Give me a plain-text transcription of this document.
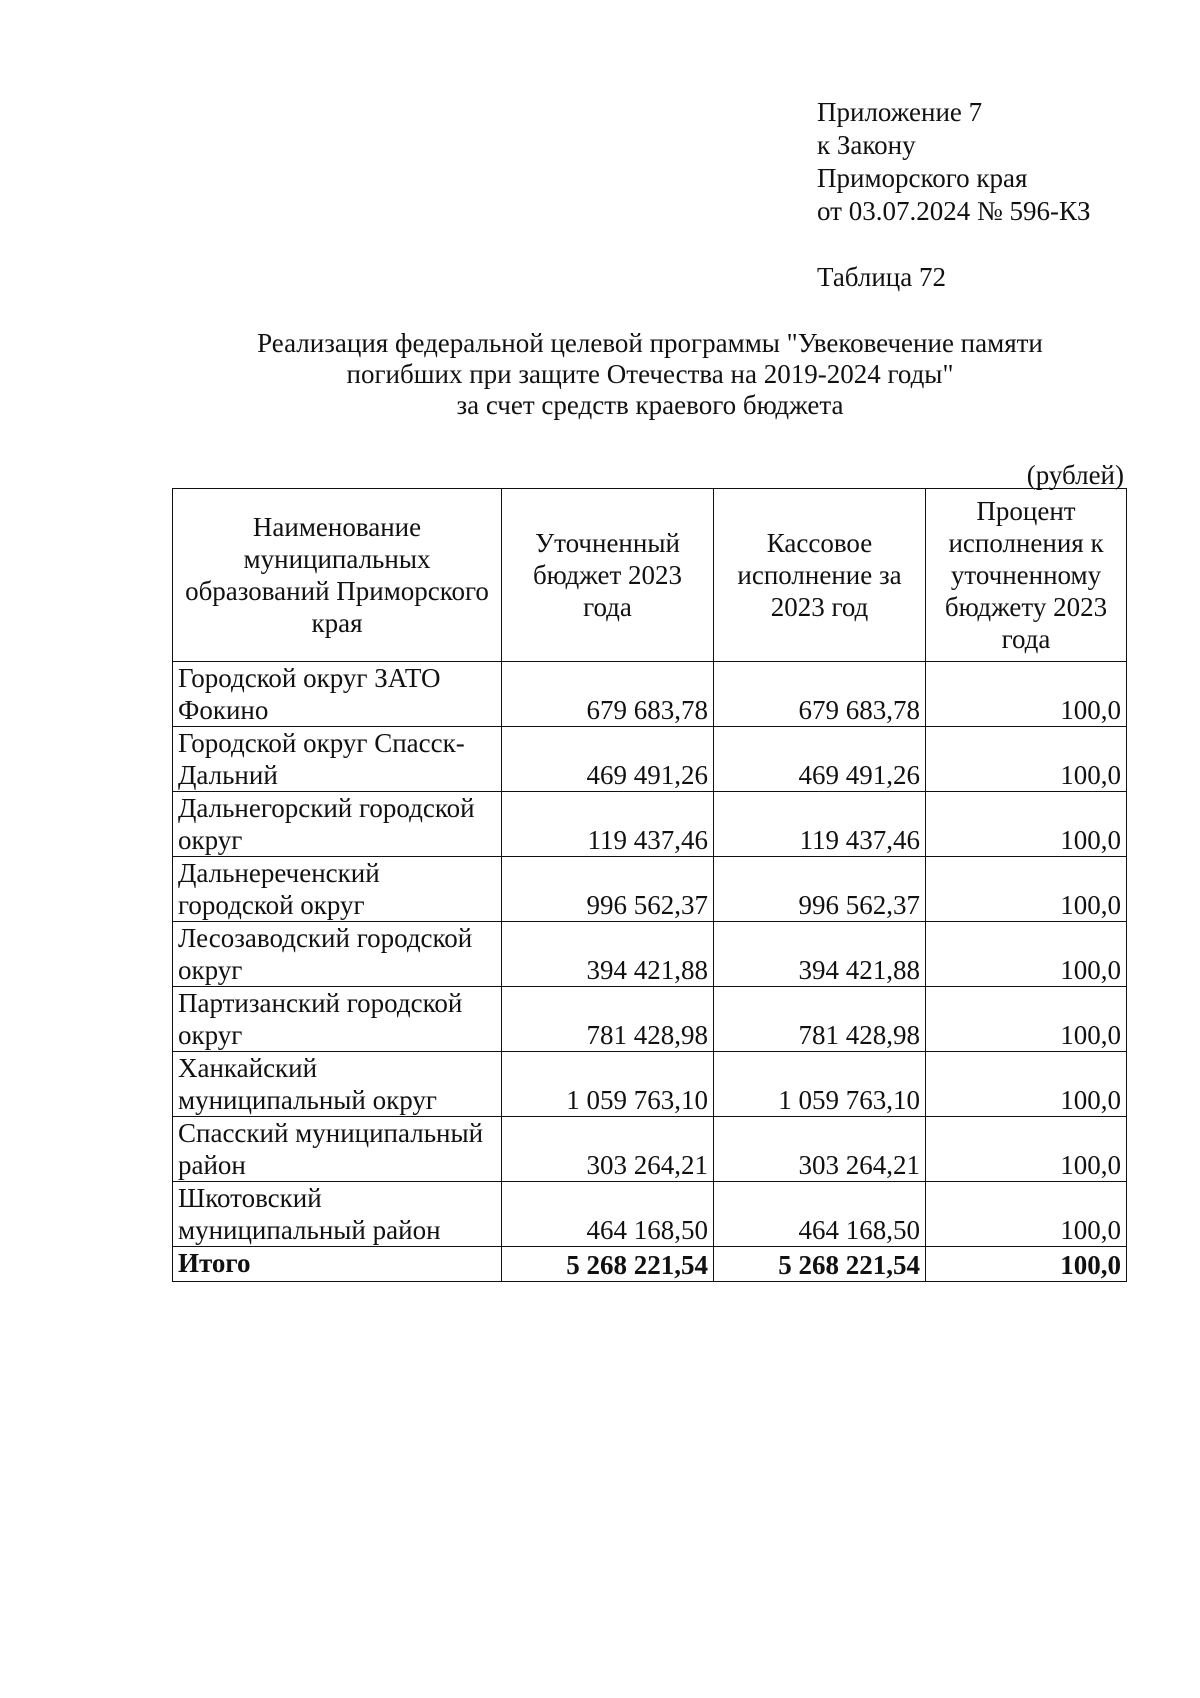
Приложение 7
к Закону
Приморского края
от 03.07.2024 № 596-КЗ
Таблица 72
Реализация федеральной целевой программы "Увековечение памяти
погибших при защите Отечества на 2019-2024 годы"
за счет средств краевого бюджета
(рублей)
Наименование муниципальных образований Приморского края	Уточненный бюджет 2023 года	Кассовое исполнение за 2023 год	Процент исполнения к уточненному бюджету 2023 года
Городской округ ЗАТО Фокино	679 683,78	679 683,78	100,0
Городской округ Спасск-Дальний	469 491,26	469 491,26	100,0
Дальнегорский городской округ	119 437,46	119 437,46	100,0
Дальнереченский городской округ	996 562,37	996 562,37	100,0
Лесозаводский городской округ	394 421,88	394 421,88	100,0
Партизанский городской округ	781 428,98	781 428,98	100,0
Ханкайский муниципальный округ	1 059 763,10	1 059 763,10	100,0
Спасский муниципальный район	303 264,21	303 264,21	100,0
Шкотовский муниципальный район	464 168,50	464 168,50	100,0
Итого	5 268 221,54	5 268 221,54	100,0
